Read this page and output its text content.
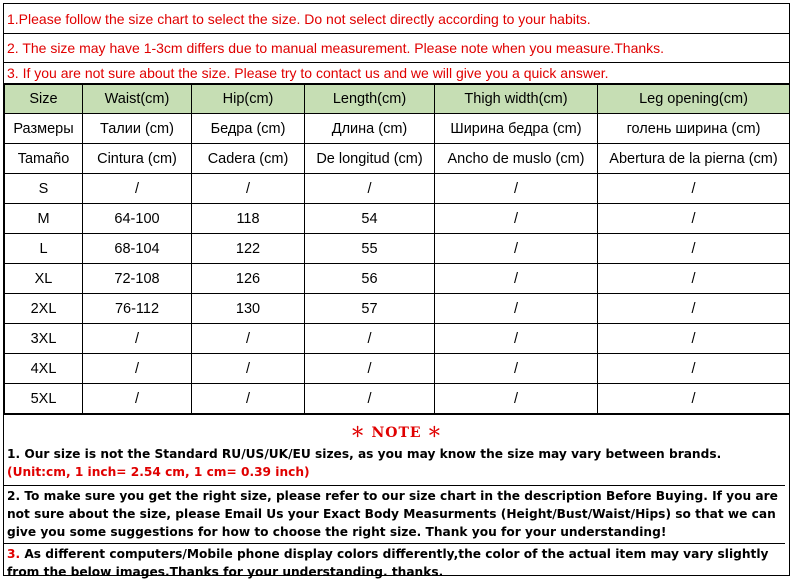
1.Please follow the size chart to select the size. Do not select directly according to your habits.
2. The size may have 1-3cm differs due to manual measurement. Please note when you measure.Thanks.
3. If you are not sure about the size. Please try to contact us and we will give you a quick answer.
Size	Waist(cm)	Hip(cm)	Length(cm)	Thigh width(cm)	Leg opening(cm)
Размеры	Талии (cm)	Бедра (cm)	Длина (cm)	Ширина бедра (cm)	голень ширина (cm)
Tamaño	Cintura (cm)	Cadera (cm)	De longitud (cm)	Ancho de muslo (cm)	Abertura de la pierna (cm)
S	/	/	/	/	/
M	64-100	118	54	/	/
L	68-104	122	55	/	/
XL	72-108	126	56	/	/
2XL	76-112	130	57	/	/
3XL	/	/	/	/	/
4XL	/	/	/	/	/
5XL	/	/	/	/	/
＊ NOTE ＊
1. Our size is not the Standard RU/US/UK/EU sizes, as you may know the size may vary between brands.
(Unit:cm, 1 inch= 2.54 cm, 1 cm= 0.39 inch)
2. To make sure you get the right size, please refer to our size chart in the description Before Buying. If you are not sure about the size, please Email Us your Exact Body Measurments (Height/Bust/Waist/Hips) so that we can give you some suggestions for how to choose the right size. Thank you for your understanding!
3. As different computers/Mobile phone display colors differently,the color of the actual item may vary slightly from the below images.Thanks for your understanding. thanks.
